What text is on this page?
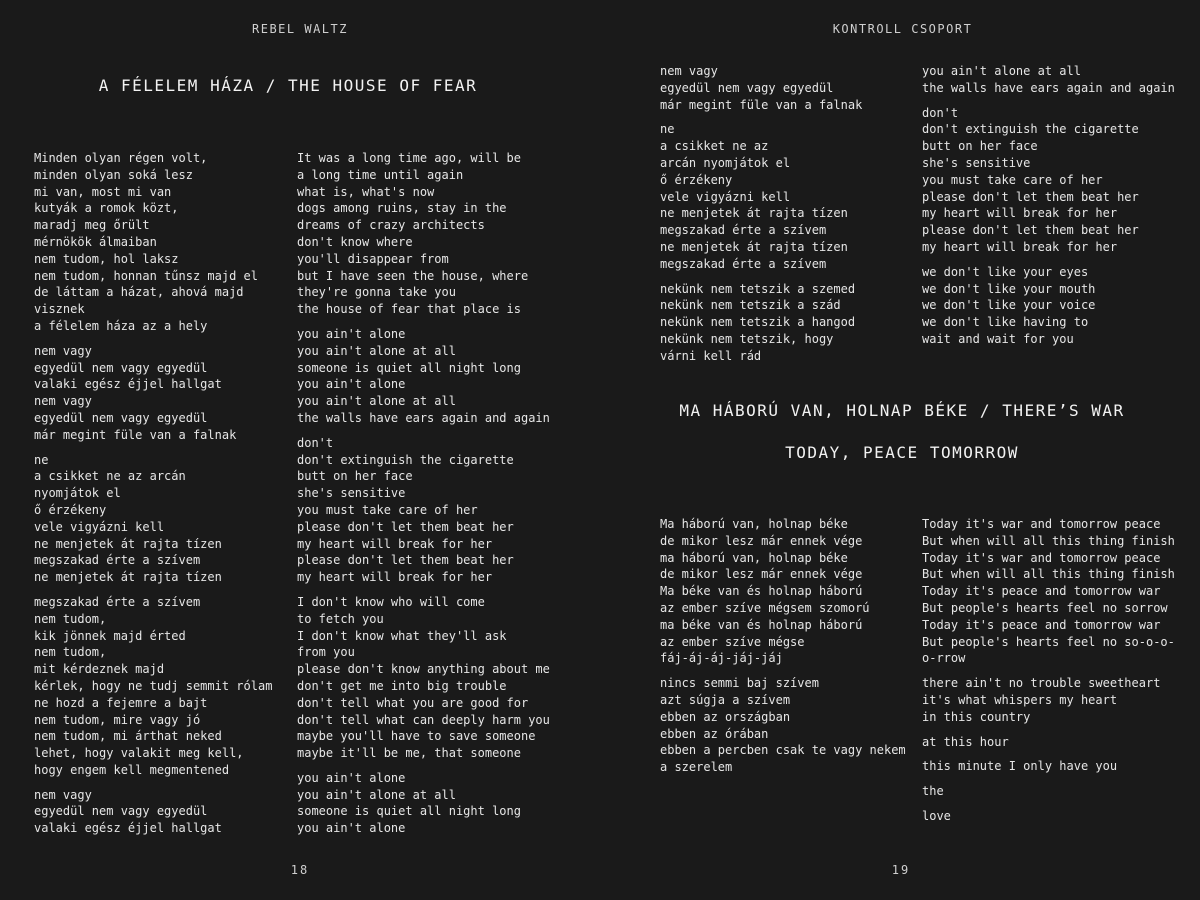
REBEL WALTZ
A FÉLELEM HÁZA / THE HOUSE OF FEAR
Minden olyan régen volt,
minden olyan soká lesz
mi van, most mi van
kutyák a romok közt,
maradj meg őrült
mérnökök álmaiban
nem tudom, hol laksz
nem tudom, honnan tűnsz majd el
de láttam a házat, ahová majd
visznek
a félelem háza az a hely
nem vagy
egyedül nem vagy egyedül
valaki egész éjjel hallgat
nem vagy
egyedül nem vagy egyedül
már megint füle van a falnak
ne
a csikket ne az arcán
nyomjátok el
ő érzékeny
vele vigyázni kell
ne menjetek át rajta tízen
megszakad érte a szívem
ne menjetek át rajta tízen
megszakad érte a szívem
nem tudom,
kik jönnek majd érted
nem tudom,
mit kérdeznek majd
kérlek, hogy ne tudj semmit rólam
ne hozd a fejemre a bajt
nem tudom, mire vagy jó
nem tudom, mi árthat neked
lehet, hogy valakit meg kell,
hogy engem kell megmentened
nem vagy
egyedül nem vagy egyedül
valaki egész éjjel hallgat
It was a long time ago, will be
a long time until again
what is, what's now
dogs among ruins, stay in the
dreams of crazy architects
don't know where
you'll disappear from
but I have seen the house, where
they're gonna take you
the house of fear that place is
you ain't alone
you ain't alone at all
someone is quiet all night long
you ain't alone
you ain't alone at all
the walls have ears again and again
don't
don't extinguish the cigarette
butt on her face
she's sensitive
you must take care of her
please don't let them beat her
my heart will break for her
please don't let them beat her
my heart will break for her
I don't know who will come
to fetch you
I don't know what they'll ask
from you
please don't know anything about me
don't get me into big trouble
don't tell what you are good for
don't tell what can deeply harm you
maybe you'll have to save someone
maybe it'll be me, that someone
you ain't alone
you ain't alone at all
someone is quiet all night long
you ain't alone
18
KONTROLL CSOPORT
nem vagy
egyedül nem vagy egyedül
már megint füle van a falnak
ne
a csikket ne az
arcán nyomjátok el
ő érzékeny
vele vigyázni kell
ne menjetek át rajta tízen
megszakad érte a szívem
ne menjetek át rajta tízen
megszakad érte a szívem
nekünk nem tetszik a szemed
nekünk nem tetszik a szád
nekünk nem tetszik a hangod
nekünk nem tetszik, hogy
várni kell rád
you ain't alone at all
the walls have ears again and again
don't
don't extinguish the cigarette
butt on her face
she's sensitive
you must take care of her
please don't let them beat her
my heart will break for her
please don't let them beat her
my heart will break for her
we don't like your eyes
we don't like your mouth
we don't like your voice
we don't like having to
wait and wait for you
MA HÁBORÚ VAN, HOLNAP BÉKE / THERE’S WAR
TODAY, PEACE TOMORROW
Ma háború van, holnap béke
de mikor lesz már ennek vége
ma háború van, holnap béke
de mikor lesz már ennek vége
Ma béke van és holnap háború
az ember szíve mégsem szomorú
ma béke van és holnap háború
az ember szíve mégse
fáj-áj-áj-jáj-jáj
nincs semmi baj szívem
azt súgja a szívem
ebben az országban
ebben az órában
ebben a percben csak te vagy nekem
a szerelem
Today it's war and tomorrow peace
But when will all this thing finish
Today it's war and tomorrow peace
But when will all this thing finish
Today it's peace and tomorrow war
But people's hearts feel no sorrow
Today it's peace and tomorrow war
But people's hearts feel no so-o-o-
o-rrow
there ain't no trouble sweetheart
it's what whispers my heart
in this country
at this hour
this minute I only have you
the
love
19
